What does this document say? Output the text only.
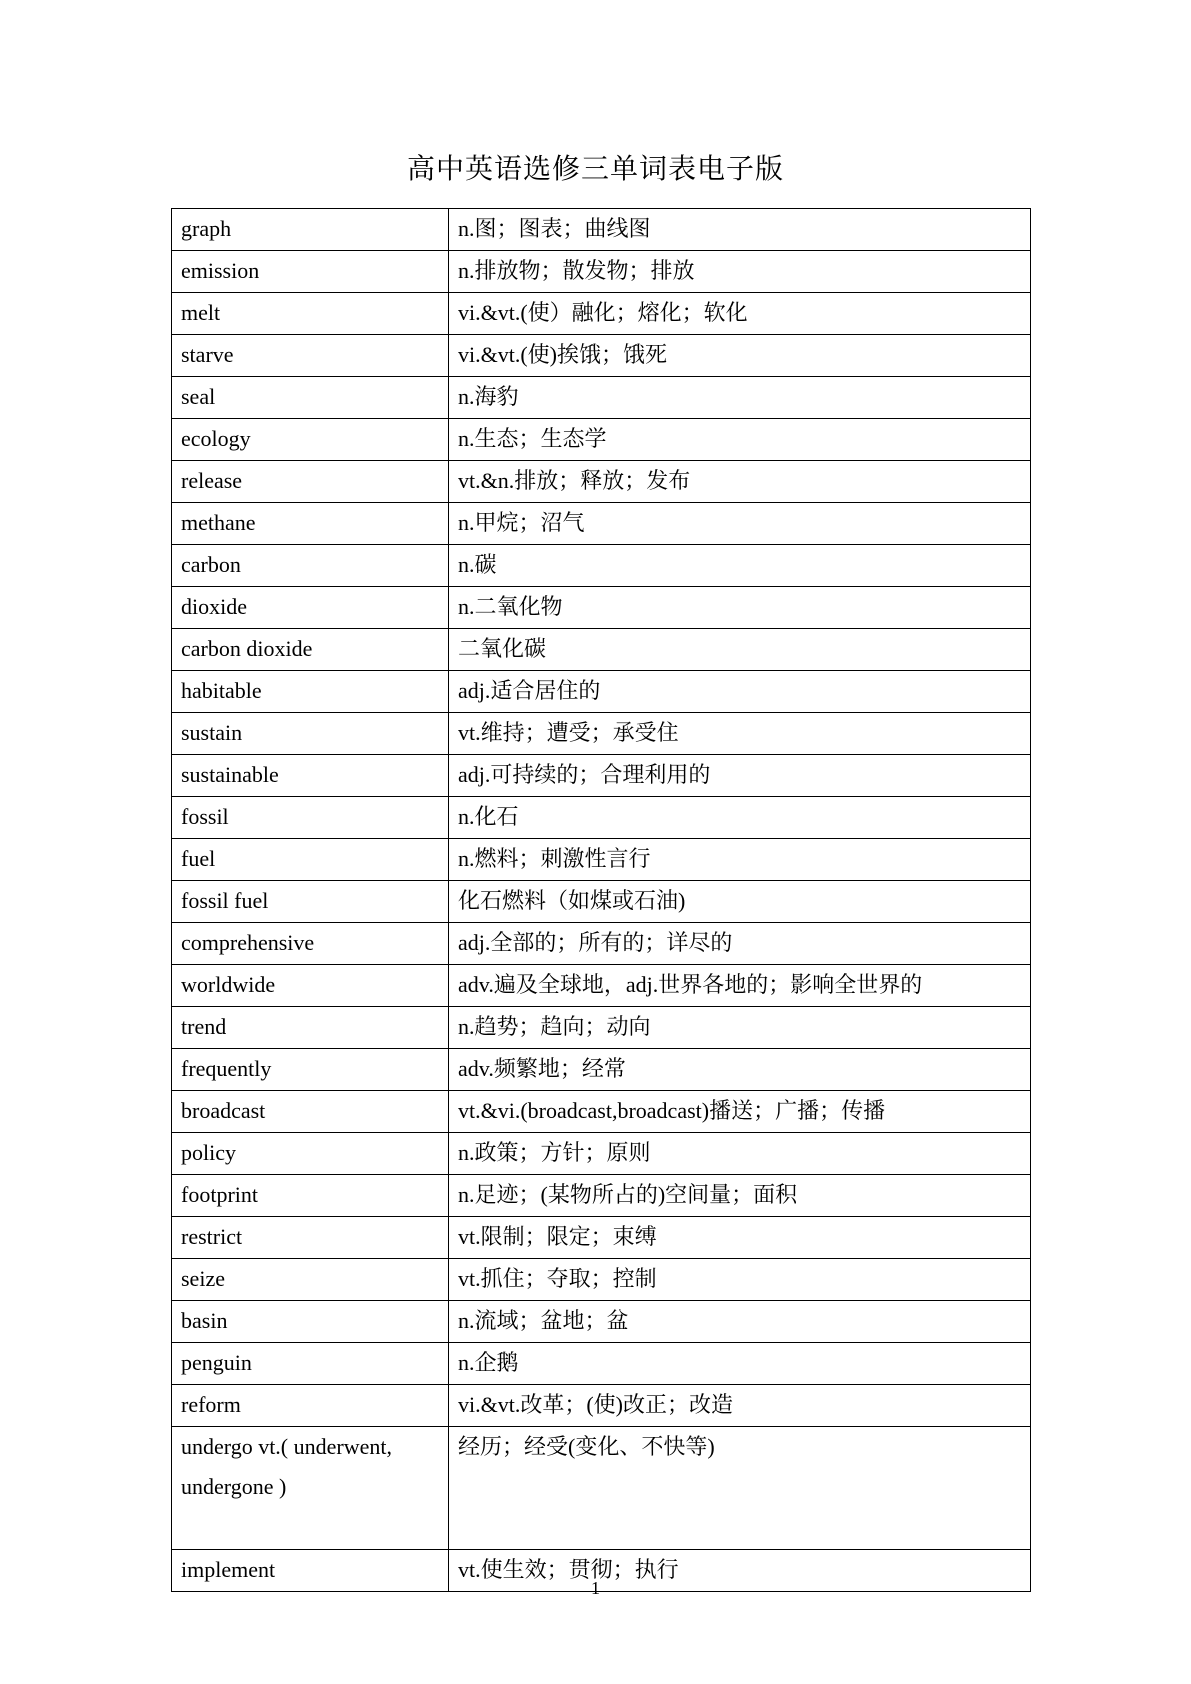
高中英语选修三单词表电子版
graph	n.图；图表；曲线图
emission	n.排放物；散发物；排放
melt	vi.&vt.(使）融化；熔化；软化
starve	vi.&vt.(使)挨饿；饿死
seal	n.海豹
ecology	n.生态；生态学
release	vt.&n.排放；释放；发布
methane	n.甲烷；沼气
carbon	n.碳
dioxide	n.二氧化物
carbon dioxide	二氧化碳
habitable	adj.适合居住的
sustain	vt.维持；遭受；承受住
sustainable	adj.可持续的；合理利用的
fossil	n.化石
fuel	n.燃料；刺激性言行
fossil fuel	化石燃料（如煤或石油)
comprehensive	adj.全部的；所有的；详尽的
worldwide	adv.遍及全球地，adj.世界各地的；影响全世界的
trend	n.趋势；趋向；动向
frequently	adv.频繁地；经常
broadcast	vt.&vi.(broadcast,broadcast)播送；广播；传播
policy	n.政策；方针；原则
footprint	n.足迹；(某物所占的)空间量；面积
restrict	vt.限制；限定；束缚
seize	vt.抓住；夺取；控制
basin	n.流域；盆地；盆
penguin	n.企鹅
reform	vi.&vt.改革；(使)改正；改造
undergo vt.( underwent, undergone )	经历；经受(变化、不快等)
implement	vt.使生效；贯彻；执行
1
